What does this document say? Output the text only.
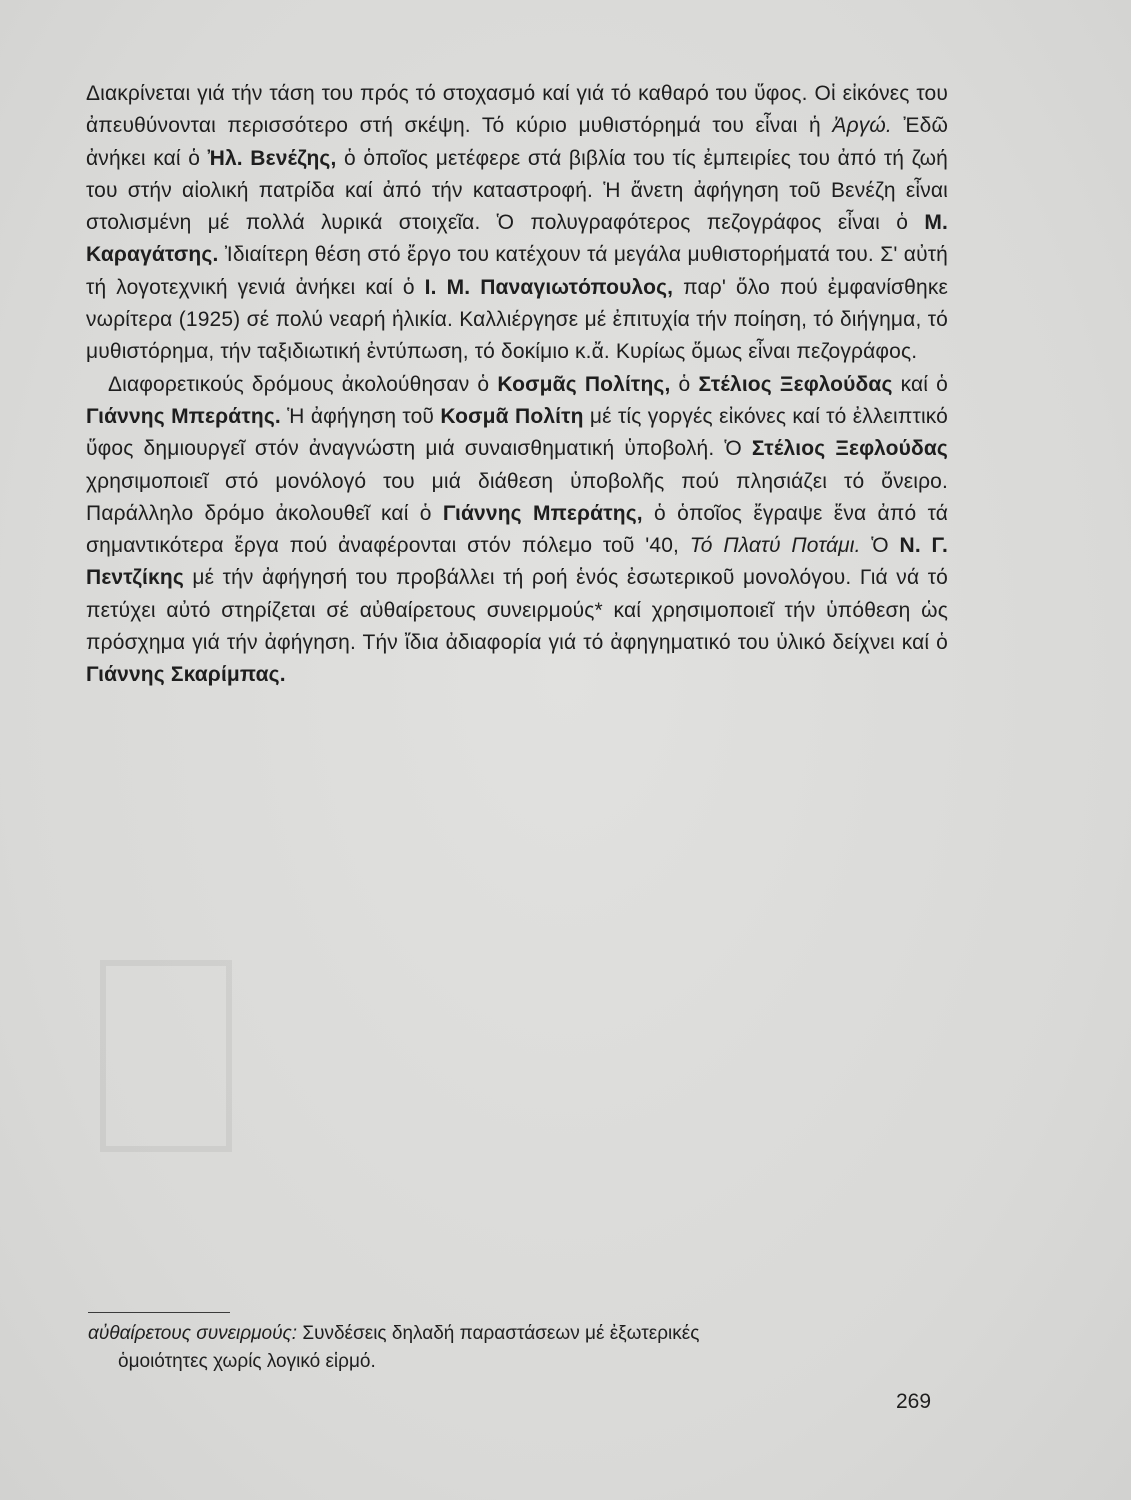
Διακρίνεται γιά τήν τάση του πρός τό στοχασμό καί γιά τό καθαρό του ὕφος. Οἱ εἰκόνες του ἀπευθύνονται περισσότερο στή σκέψη. Τό κύριο μυθιστόρημά του εἶναι ἡ Ἀργώ. Ἐδῶ ἀνήκει καί ὁ Ἠλ. Βενέζης, ὁ ὁποῖος μετέφερε στά βιβλία του τίς ἐμπειρίες του ἀπό τή ζωή του στήν αἰολική πατρίδα καί ἀπό τήν καταστροφή. Ἡ ἄνετη ἀφήγηση τοῦ Βενέζη εἶναι στολισμένη μέ πολλά λυρικά στοιχεῖα. Ὁ πολυγραφότερος πεζογράφος εἶναι ὁ Μ. Καραγάτσης. Ἰδιαίτερη θέση στό ἔργο του κατέχουν τά μεγάλα μυθιστορήματά του. Σ' αὐτή τή λογοτεχνική γενιά ἀνήκει καί ὁ Ι. Μ. Παναγιωτόπουλος, παρ' ὅλο πού ἐμφανίσθηκε νωρίτερα (1925) σέ πολύ νεαρή ἡλικία. Καλλιέργησε μέ ἐπιτυχία τήν ποίηση, τό διήγημα, τό μυθιστόρημα, τήν ταξιδιωτική ἐντύπωση, τό δοκίμιο κ.ἄ. Κυρίως ὅμως εἶναι πεζογράφος.

Διαφορετικούς δρόμους ἀκολούθησαν ὁ Κοσμᾶς Πολίτης, ὁ Στέλιος Ξεφλούδας καί ὁ Γιάννης Μπεράτης. Ἡ ἀφήγηση τοῦ Κοσμᾶ Πολίτη μέ τίς γοργές εἰκόνες καί τό ἐλλειπτικό ὕφος δημιουργεῖ στόν ἀναγνώστη μιά συναισθηματική ὑποβολή. Ὁ Στέλιος Ξεφλούδας χρησιμοποιεῖ στό μονόλογό του μιά διάθεση ὑποβολῆς πού πλησιάζει τό ὄνειρο. Παράλληλο δρόμο ἀκολουθεῖ καί ὁ Γιάννης Μπεράτης, ὁ ὁποῖος ἔγραψε ἕνα ἀπό τά σημαντικότερα ἔργα πού ἀναφέρονται στόν πόλεμο τοῦ '40, Τό Πλατύ Ποτάμι. Ὁ Ν. Γ. Πεντζίκης μέ τήν ἀφήγησή του προβάλλει τή ροή ἑνός ἐσωτερικοῦ μονολόγου. Γιά νά τό πετύχει αὐτό στηρίζεται σέ αὐθαίρετους συνειρμούς* καί χρησιμοποιεῖ τήν ὑπόθεση ὡς πρόσχημα γιά τήν ἀφήγηση. Τήν ἴδια ἀδιαφορία γιά τό ἀφηγηματικό του ὑλικό δείχνει καί ὁ Γιάννης Σκαρίμπας.

αὐθαίρετους συνειρμούς: Συνδέσεις δηλαδή παραστάσεων μέ ἐξωτερικές
ὁμοιότητες χωρίς λογικό εἱρμό.
269
